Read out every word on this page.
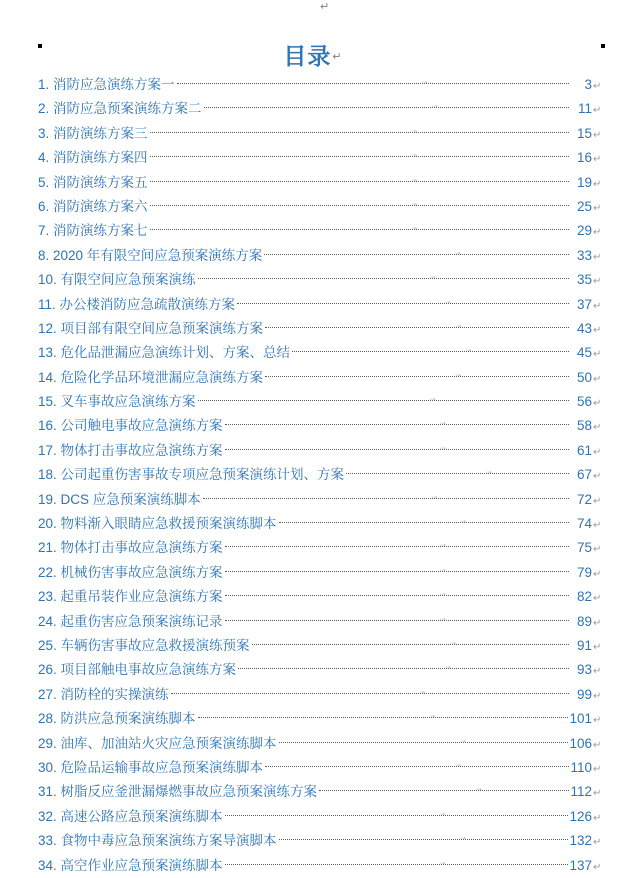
↵
目录↵
1. 消防应急演练方案一	→	3 ↵
2. 消防应急预案演练方案二	→	11 ↵
3. 消防演练方案三	→	15 ↵
4. 消防演练方案四	→	16 ↵
5. 消防演练方案五	→	19 ↵
6. 消防演练方案六	→	25 ↵
7. 消防演练方案七	→	29 ↵
8. 2020 年有限空间应急预案演练方案	→	33 ↵
10. 有限空间应急预案演练	→	35 ↵
11. 办公楼消防应急疏散演练方案	→	37 ↵
12. 项目部有限空间应急预案演练方案	→	43 ↵
13. 危化品泄漏应急演练计划、方案、总结	→	45 ↵
14. 危险化学品环境泄漏应急演练方案	→	50 ↵
15. 叉车事故应急演练方案	→	56 ↵
16. 公司触电事故应急演练方案	→	58 ↵
17. 物体打击事故应急演练方案	→	61 ↵
18. 公司起重伤害事故专项应急预案演练计划、方案	→	67 ↵
19. DCS 应急预案演练脚本	→	72 ↵
20. 物料渐入眼睛应急救援预案演练脚本	→	74 ↵
21. 物体打击事故应急演练方案	→	75 ↵
22. 机械伤害事故应急演练方案	→	79 ↵
23. 起重吊装作业应急演练方案	→	82 ↵
24. 起重伤害应急预案演练记录	→	89 ↵
25. 车辆伤害事故应急救援演练预案	→	91 ↵
26. 项目部触电事故应急演练方案	→	93 ↵
27. 消防栓的实操演练	→	99 ↵
28. 防洪应急预案演练脚本	→	101 ↵
29. 油库、加油站火灾应急预案演练脚本	→	106 ↵
30. 危险品运输事故应急预案演练脚本	→	110 ↵
31. 树脂反应釜泄漏爆燃事故应急预案演练方案	→	112 ↵
32. 高速公路应急预案演练脚本	→	126 ↵
33. 食物中毒应急预案演练方案导演脚本	→	132 ↵
34. 高空作业应急预案演练脚本	→	137 ↵
